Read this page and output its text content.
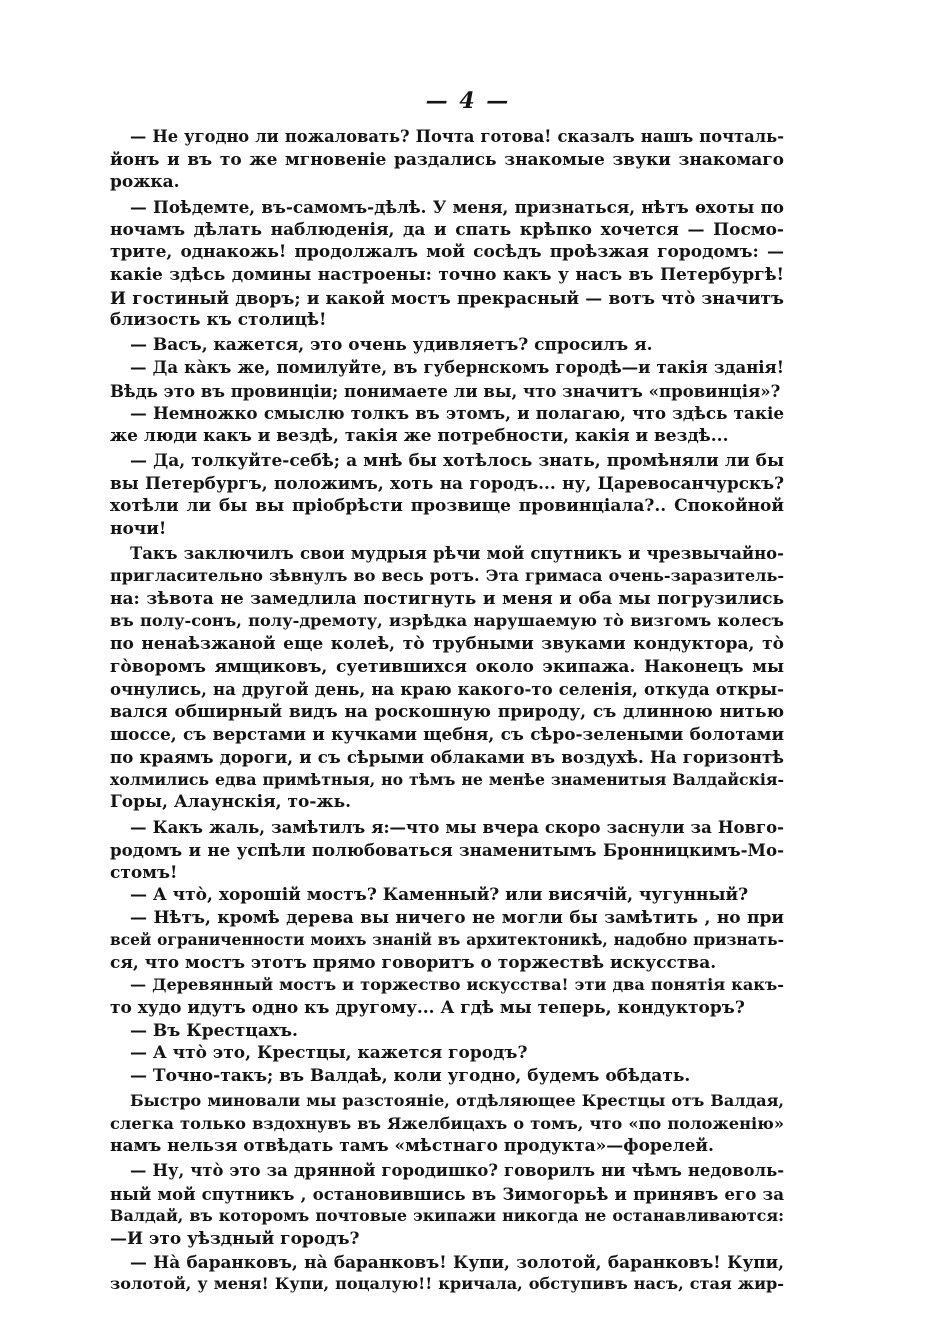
— 4 —
— Не угодно ли пожаловать? Почта готова! сказалъ нашъ почталь-
йонъ и въ то же мгновеніе раздались знакомые звуки знакомаго
рожка.
— Поѣдемте, въ-самомъ-дѣлѣ. У меня, признаться, нѣтъ ѳхоты по
ночамъ дѣлать наблюденія, да и спать крѣпко хочется — Посмо-
трите, однакожь! продолжалъ мой сосѣдъ проѣзжая городомъ: —
какіе здѣсь домины настроены: точно какъ у насъ въ Петербургѣ!
И гостиный дворъ; и какой мостъ прекрасный — вотъ что̀ значитъ
близость къ столицѣ!
— Васъ, кажется, это очень удивляетъ? спросилъ я.
— Да ка̀къ же, помилуйте, въ губернскомъ городѣ—и такія зданія!
Вѣдь это въ провинціи; понимаете ли вы, что значитъ «провинція»?
— Немножко смыслю толкъ въ этомъ, и полагаю, что здѣсь такіе
же люди какъ и вездѣ, такія же потребности, какія и вездѣ...
— Да, толкуйте-себѣ; а мнѣ бы хотѣлось знать, промѣняли ли бы
вы Петербургъ, положимъ, хоть на городъ... ну, Царевосанчурскъ?
хотѣли ли бы вы пріобрѣсти прозвище провинціала?.. Спокойной
ночи!
Такъ заключилъ свои мудрыя рѣчи мой спутникъ и чрезвычайно-
пригласительно зѣвнулъ во весь ротъ. Эта гримаса очень-заразитель-
на: зѣвота не замедлила постигнуть и меня и оба мы погрузились
въ полу-сонъ, полу-дремоту, изрѣдка нарушаемую то̀ визгомъ колесъ
по ненаѣзжаной еще колеѣ, то̀ трубными звуками кондуктора, то̀
го̀воромъ ямщиковъ, суетившихся около экипажа. Наконецъ мы
очнулись, на другой день, на краю какого-то селенія, откуда откры-
вался обширный видъ на роскошную природу, съ длинною нитью
шоссе, съ верстами и кучками щебня, съ сѣро-зелеными болотами
по краямъ дороги, и съ сѣрыми облаками въ воздухѣ. На горизонтѣ
холмились едва примѣтныя, но тѣмъ не менѣе знаменитыя Валдайскія-
Горы, Алаунскія, то-жь.
— Какъ жаль, замѣтилъ я:—что мы вчера скоро заснули за Новго-
родомъ и не успѣли полюбоваться знаменитымъ Бронницкимъ-Мо-
стомъ!
— А что̀, хорошій мостъ? Каменный? или висячій, чугунный?
— Нѣтъ, кромѣ дерева вы ничего не могли бы замѣтить , но при
всей ограниченности моихъ знаній въ архитектоникѣ, надобно признать-
ся, что мостъ этотъ прямо говоритъ о торжествѣ искусства.
— Деревянный мостъ и торжество искусства! эти два понятія какъ-
то худо идутъ одно къ другому... А гдѣ мы теперь, кондукторъ?
— Въ Крестцахъ.
— А что̀ это, Крестцы, кажется городъ?
— Точно-такъ; въ Валдаѣ, коли угодно, будемъ обѣдать.
Быстро миновали мы разстояніе, отдѣляющее Крестцы отъ Валдая,
слегка только вздохнувъ въ Яжелбицахъ о томъ, что «по положенію»
намъ нельзя отвѣдать тамъ «мѣстнаго продукта»—форелей.
— Ну, что̀ это за дрянной городишко? говорилъ ни чѣмъ недоволь-
ный мой спутникъ , остановившись въ Зимогорьѣ и принявъ его за
Валдай, въ которомъ почтовые экипажи никогда не останавливаются:
—И это уѣздный городъ?
— На̀ баранковъ, на̀ баранковъ! Купи, золотой, баранковъ! Купи,
золотой, у меня! Купи, поцалую!! кричала, обступивъ насъ, стая жир-
